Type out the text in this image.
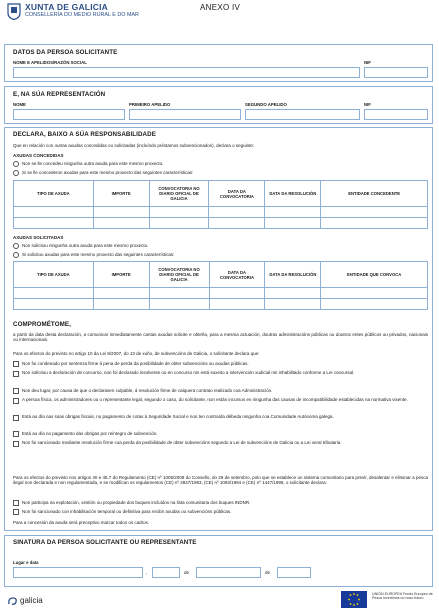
XUNTA DE GALICIA
CONSELLERÍA DO MEDIO RURAL E DO MAR
ANEXO IV
DATOS DA PERSOA SOLICITANTE
NOME E APELIDOS/RAZÓN SOCIAL	NIF
E, NA SÚA REPRESENTACIÓN
NOME	PRIMEIRO APELIDO	SEGUNDO APELIDO	NIF
DECLARA, BAIXO A SÚA RESPONSABILIDADE
Que en relación con outras axudas concedidas ou solicitadas (incluíndo préstamos subvencionados), declara o seguinte:
AXUDAS CONCEDIDAS
Non se lle concedeu ningunha outra axuda para este mesmo proxecto.
Si se lle concederon axudas para este mesmo proxecto das seguintes características:
TIPO DE AXUDA	IMPORTE	CONVOCATORIA NO DIARIO OFICIAL DE GALICIA	DATA DA CONVOCATORIA	DATA DA RESOLUCIÓN	ENTIDADE CONCEDENTE

AXUDAS SOLICITADAS
Non solicitou ningunha outra axuda para este mesmo proxecto.
Si solicitou axudas para este mesmo proxecto das seguintes características:
TIPO DE AXUDA	IMPORTE	CONVOCATORIA NO DIARIO OFICIAL DE GALICIA	DATA DA CONVOCATORIA	DATA DA RESOLUCIÓN	ENTIDADE QUE CONVOCA

COMPROMÉTOME,
a partir da data desta declaración, a comunicar inmediatamente cantas axudas solicite e obteña, para a mesma actuación, doutras administracións públicas ou doutros entes públicos ou privados, nacionais ou internacionais.
Para os efectos do previsto no artigo 10 da Lei 9/2007, do 13 de xuño, de subvencións de Galicia, o solicitante declara que:
Non foi condenado por sentenza firme á pena de perda da posibilidade de obter subvencións ou axudas públicas.
Non solicitou a declaración de concurso, non foi declarado insolvente ou en concurso nin está suxeito a intervención xudicial nin inhabilitado conforme a Lei concursal.
Non deu lugar, por causa de que o declarasen culpable, á resolución firme de calquera contrato realizado coa Administración.
A persoa física, os administradores ou o representante legal, segundo o caso, do solicitante, non están incursos en ningunha das causas de incompatibilidade establecidas na normativa vixente.
Está ao día nas súas obrigas fiscais, no pagamento de cotas á Seguridade Social e non ten contraída débeda ningunha coa Comunidade Autónoma galega.
Está ao día no pagamento das obrigas por reintegro de subvención.
Non foi sancionado mediante resolución firme coa perda da posibilidade de obter subvencións segundo a Lei de subvencións de Galicia ou a Lei xeral tributaria.
Para os efectos do previsto nos artigos 40 e 45.7 do Regulamento (CE) nº 1005/2008 do Consello, do 29 de setembro, polo que se establece un sistema comunitario para previr, desalentar e eliminar a pesca ilegal non declarada e non regulamentada, e se modifican os regulamentos (CE) nº 2847/1993, (CE) nº 1093/1994 e (CE) nº 1447/1999, o solicitante declara:
Non participa na explotación, xestión ou propiedade dos buques incluídos na lista comunitaria dos buques INDNR.
Non foi sancionado con inhabilitación temporal ou definitiva para recibir axudas ou subvencións públicas.
Para a concesión da axuda será preceptivo marcar todos os cadros.
SINATURA DA PERSOA SOLICITANTE OU REPRESENTANTE
Lugar e data
,	de	de
galicia
UNIÓN EUROPEA Fondo Europeo de Pesca Invertimos no noso futuro
